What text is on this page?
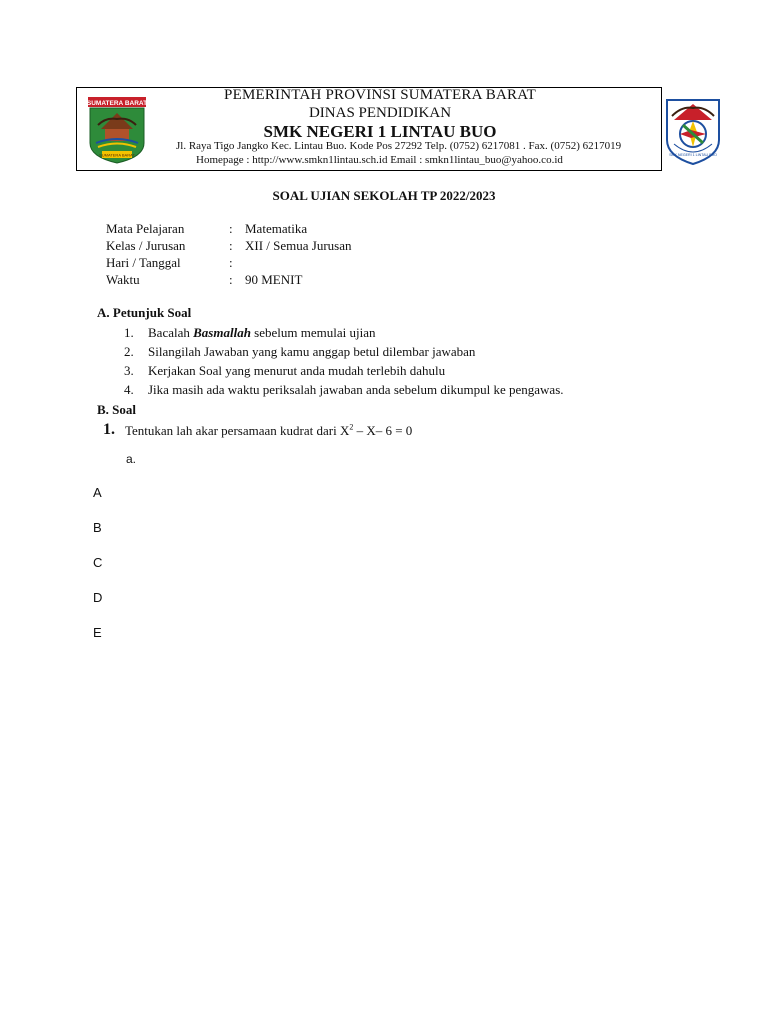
SUMATERA BARAT
SUMATERA BARAT
PEMERINTAH PROVINSI SUMATERA BARAT
DINAS PENDIDIKAN
SMK NEGERI 1 LINTAU BUO
Jl. Raya Tigo Jangko Kec. Lintau Buo. Kode Pos 27292 Telp. (0752) 6217081 . Fax. (0752) 6217019
Homepage : http://www.smkn1lintau.sch.id Email : smkn1lintau_buo@yahoo.co.id	SMK NEGERI 1 LINTAU BUO
SOAL UJIAN SEKOLAH TP 2022/2023
Mata Pelajaran	: Matematika
Kelas / Jurusan	: XII / Semua Jurusan
Hari / Tanggal	:
Waktu	: 90 MENIT
A. Petunjuk Soal
1. Bacalah Basmallah sebelum memulai ujian
2. Silangilah Jawaban yang kamu anggap betul dilembar jawaban
3. Kerjakan Soal yang menurut anda mudah terlebih dahulu
4. Jika masih ada waktu periksalah jawaban anda sebelum dikumpul ke pengawas.
B. Soal
1. Tentukan lah akar persamaan kudrat dari $X^2 - X-$ 6 = 0
a.
A
B
C
D
E
